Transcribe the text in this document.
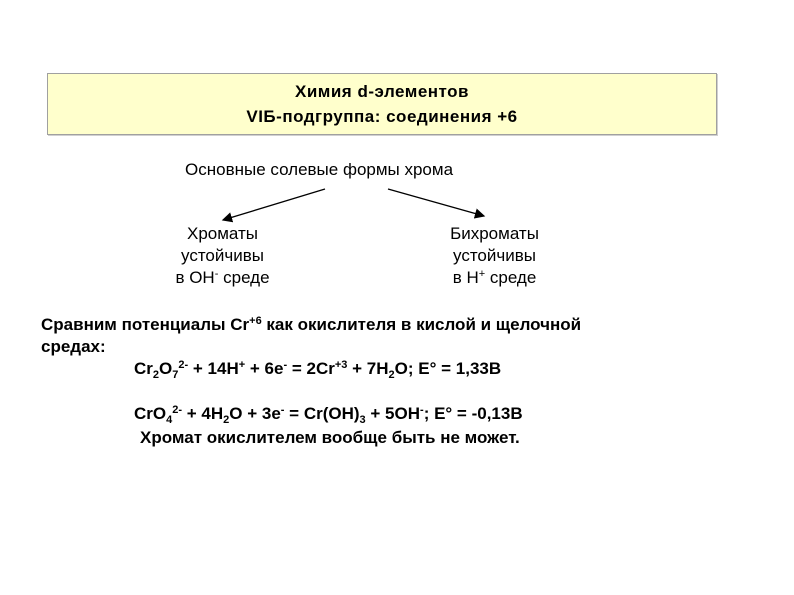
Химия d-элементов
VIБ-подгруппа: соединения +6
Основные солевые формы хрома
Хроматы
устойчивы
в ОН- среде
Бихроматы
устойчивы
в Н+ среде
Сравним потенциалы $Cr^{+6}$ как окислителя в кислой и щелочной
средах:
$Cr_2O_7^{2-} + 14H^+ + 6e^- = 2Cr^{+3} + 7H_2O$; E° = 1,33В
$CrO_4^{2-} + 4H_2O + 3e^- = Cr(OH)_3 + 5OH^-$; E° = -0,13В
Хромат окислителем вообще быть не может.
